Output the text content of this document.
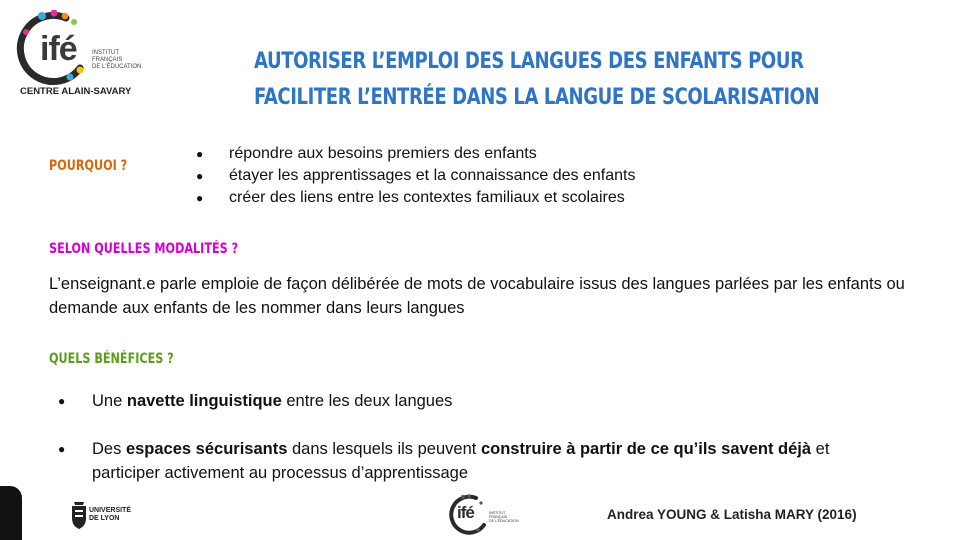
ifé	INSTITUT
FRANÇAIS
DE L'ÉDUCATION
CENTRE ALAIN-SAVARY
AUTORISER L’EMPLOI DES LANGUES DES ENFANTS POUR
FACILITER L’ENTRÉE DANS LA LANGUE DE SCOLARISATION
POURQUOI ?
● répondre aux besoins premiers des enfants
● étayer les apprentissages et la connaissance des enfants
● créer des liens entre les contextes familiaux et scolaires
SELON QUELLES MODALITÉS ?

L’enseignant.e parle emploie de façon délibérée de mots de vocabulaire issus des langues parlées par les enfants ou demande aux enfants de les nommer dans leurs langues

QUELS BÉNÉFICES ?
● Une navette linguistique entre les deux langues
● Des espaces sécurisants dans lesquels ils peuvent construire à partir de ce qu’ils savent déjà et participer activement au processus d’apprentissage
UNIVERSITÉ
DE LYON	ifé	INSTITUT
FRANÇAIS
DE L'ÉDUCATION	Andrea YOUNG & Latisha MARY (2016)
